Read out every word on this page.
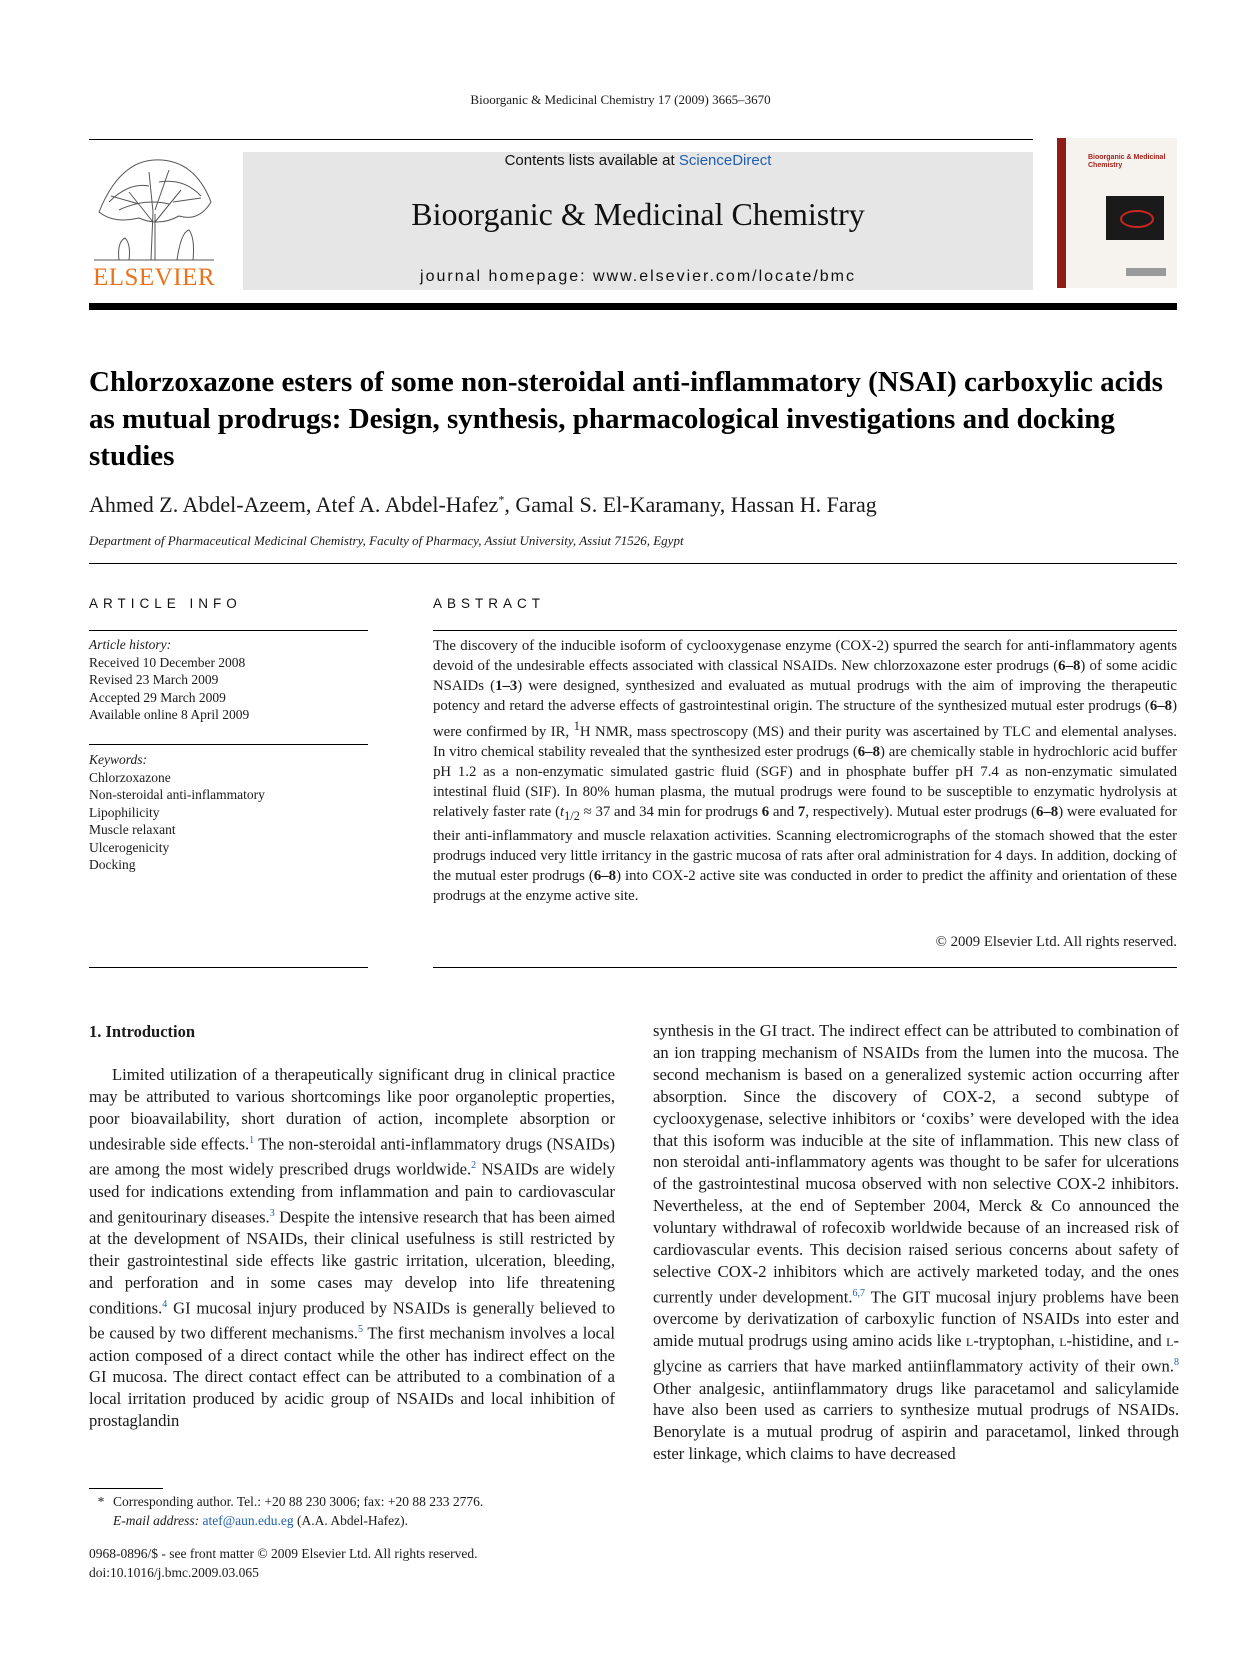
Bioorganic & Medicinal Chemistry 17 (2009) 3665–3670
ELSEVIER
Contents lists available at ScienceDirect
Bioorganic & Medicinal Chemistry
journal homepage: www.elsevier.com/locate/bmc
Bioorganic & Medicinal Chemistry
Chlorzoxazone esters of some non-steroidal anti-inflammatory (NSAI) carboxylic acids as mutual prodrugs: Design, synthesis, pharmacological investigations and docking studies
Ahmed Z. Abdel-Azeem, Atef A. Abdel-Hafez*, Gamal S. El-Karamany, Hassan H. Farag
Department of Pharmaceutical Medicinal Chemistry, Faculty of Pharmacy, Assiut University, Assiut 71526, Egypt
ARTICLE INFO	ABSTRACT
Article history:
Received 10 December 2008
Revised 23 March 2009
Accepted 29 March 2009
Available online 8 April 2009
Keywords:
Chlorzoxazone
Non-steroidal anti-inflammatory
Lipophilicity
Muscle relaxant
Ulcerogenicity
Docking
The discovery of the inducible isoform of cyclooxygenase enzyme (COX-2) spurred the search for anti-inflammatory agents devoid of the undesirable effects associated with classical NSAIDs. New chlorzoxazone ester prodrugs (6–8) of some acidic NSAIDs (1–3) were designed, synthesized and evaluated as mutual prodrugs with the aim of improving the therapeutic potency and retard the adverse effects of gastrointestinal origin. The structure of the synthesized mutual ester prodrugs (6–8) were confirmed by IR, $^1$H NMR, mass spectroscopy (MS) and their purity was ascertained by TLC and elemental analyses. In vitro chemical stability revealed that the synthesized ester prodrugs (6–8) are chemically stable in hydrochloric acid buffer pH 1.2 as a non-enzymatic simulated gastric fluid (SGF) and in phosphate buffer pH 7.4 as non-enzymatic simulated intestinal fluid (SIF). In 80% human plasma, the mutual prodrugs were found to be susceptible to enzymatic hydrolysis at relatively faster rate ($t_{1/2} \approx 37$ and 34 min for prodrugs 6 and 7, respectively). Mutual ester prodrugs (6–8) were evaluated for their anti-inflammatory and muscle relaxation activities. Scanning electromicrographs of the stomach showed that the ester prodrugs induced very little irritancy in the gastric mucosa of rats after oral administration for 4 days. In addition, docking of the mutual ester prodrugs (6–8) into COX-2 active site was conducted in order to predict the affinity and orientation of these prodrugs at the enzyme active site.
© 2009 Elsevier Ltd. All rights reserved.
1. Introduction
Limited utilization of a therapeutically significant drug in clinical practice may be attributed to various shortcomings like poor organoleptic properties, poor bioavailability, short duration of action, incomplete absorption or undesirable side effects.$^1$ The non-steroidal anti-inflammatory drugs (NSAIDs) are among the most widely prescribed drugs worldwide.$^2$ NSAIDs are widely used for indications extending from inflammation and pain to cardiovascular and genitourinary diseases.$^3$ Despite the intensive research that has been aimed at the development of NSAIDs, their clinical usefulness is still restricted by their gastrointestinal side effects like gastric irritation, ulceration, bleeding, and perforation and in some cases may develop into life threatening conditions.$^4$ GI mucosal injury produced by NSAIDs is generally believed to be caused by two different mechanisms.$^5$ The first mechanism involves a local action composed of a direct contact while the other has indirect effect on the GI mucosa. The direct contact effect can be attributed to a combination of a local irritation produced by acidic group of NSAIDs and local inhibition of prostaglandin
synthesis in the GI tract. The indirect effect can be attributed to combination of an ion trapping mechanism of NSAIDs from the lumen into the mucosa. The second mechanism is based on a generalized systemic action occurring after absorption. Since the discovery of COX-2, a second subtype of cyclooxygenase, selective inhibitors or ‘coxibs’ were developed with the idea that this isoform was inducible at the site of inflammation. This new class of non steroidal anti-inflammatory agents was thought to be safer for ulcerations of the gastrointestinal mucosa observed with non selective COX-2 inhibitors. Nevertheless, at the end of September 2004, Merck & Co announced the voluntary withdrawal of rofecoxib worldwide because of an increased risk of cardiovascular events. This decision raised serious concerns about safety of selective COX-2 inhibitors which are actively marketed today, and the ones currently under development.$^{6,7}$ The GIT mucosal injury problems have been overcome by derivatization of carboxylic function of NSAIDs into ester and amide mutual prodrugs using amino acids like l-tryptophan, l-histidine, and l-glycine as carriers that have marked antiinflammatory activity of their own.$^8$ Other analgesic, antiinflammatory drugs like paracetamol and salicylamide have also been used as carriers to synthesize mutual prodrugs of NSAIDs. Benorylate is a mutual prodrug of aspirin and paracetamol, linked through ester linkage, which claims to have decreased
* Corresponding author. Tel.: +20 88 230 3006; fax: +20 88 233 2776.
E-mail address: atef@aun.edu.eg (A.A. Abdel-Hafez).
0968-0896/$ - see front matter © 2009 Elsevier Ltd. All rights reserved.
doi:10.1016/j.bmc.2009.03.065
